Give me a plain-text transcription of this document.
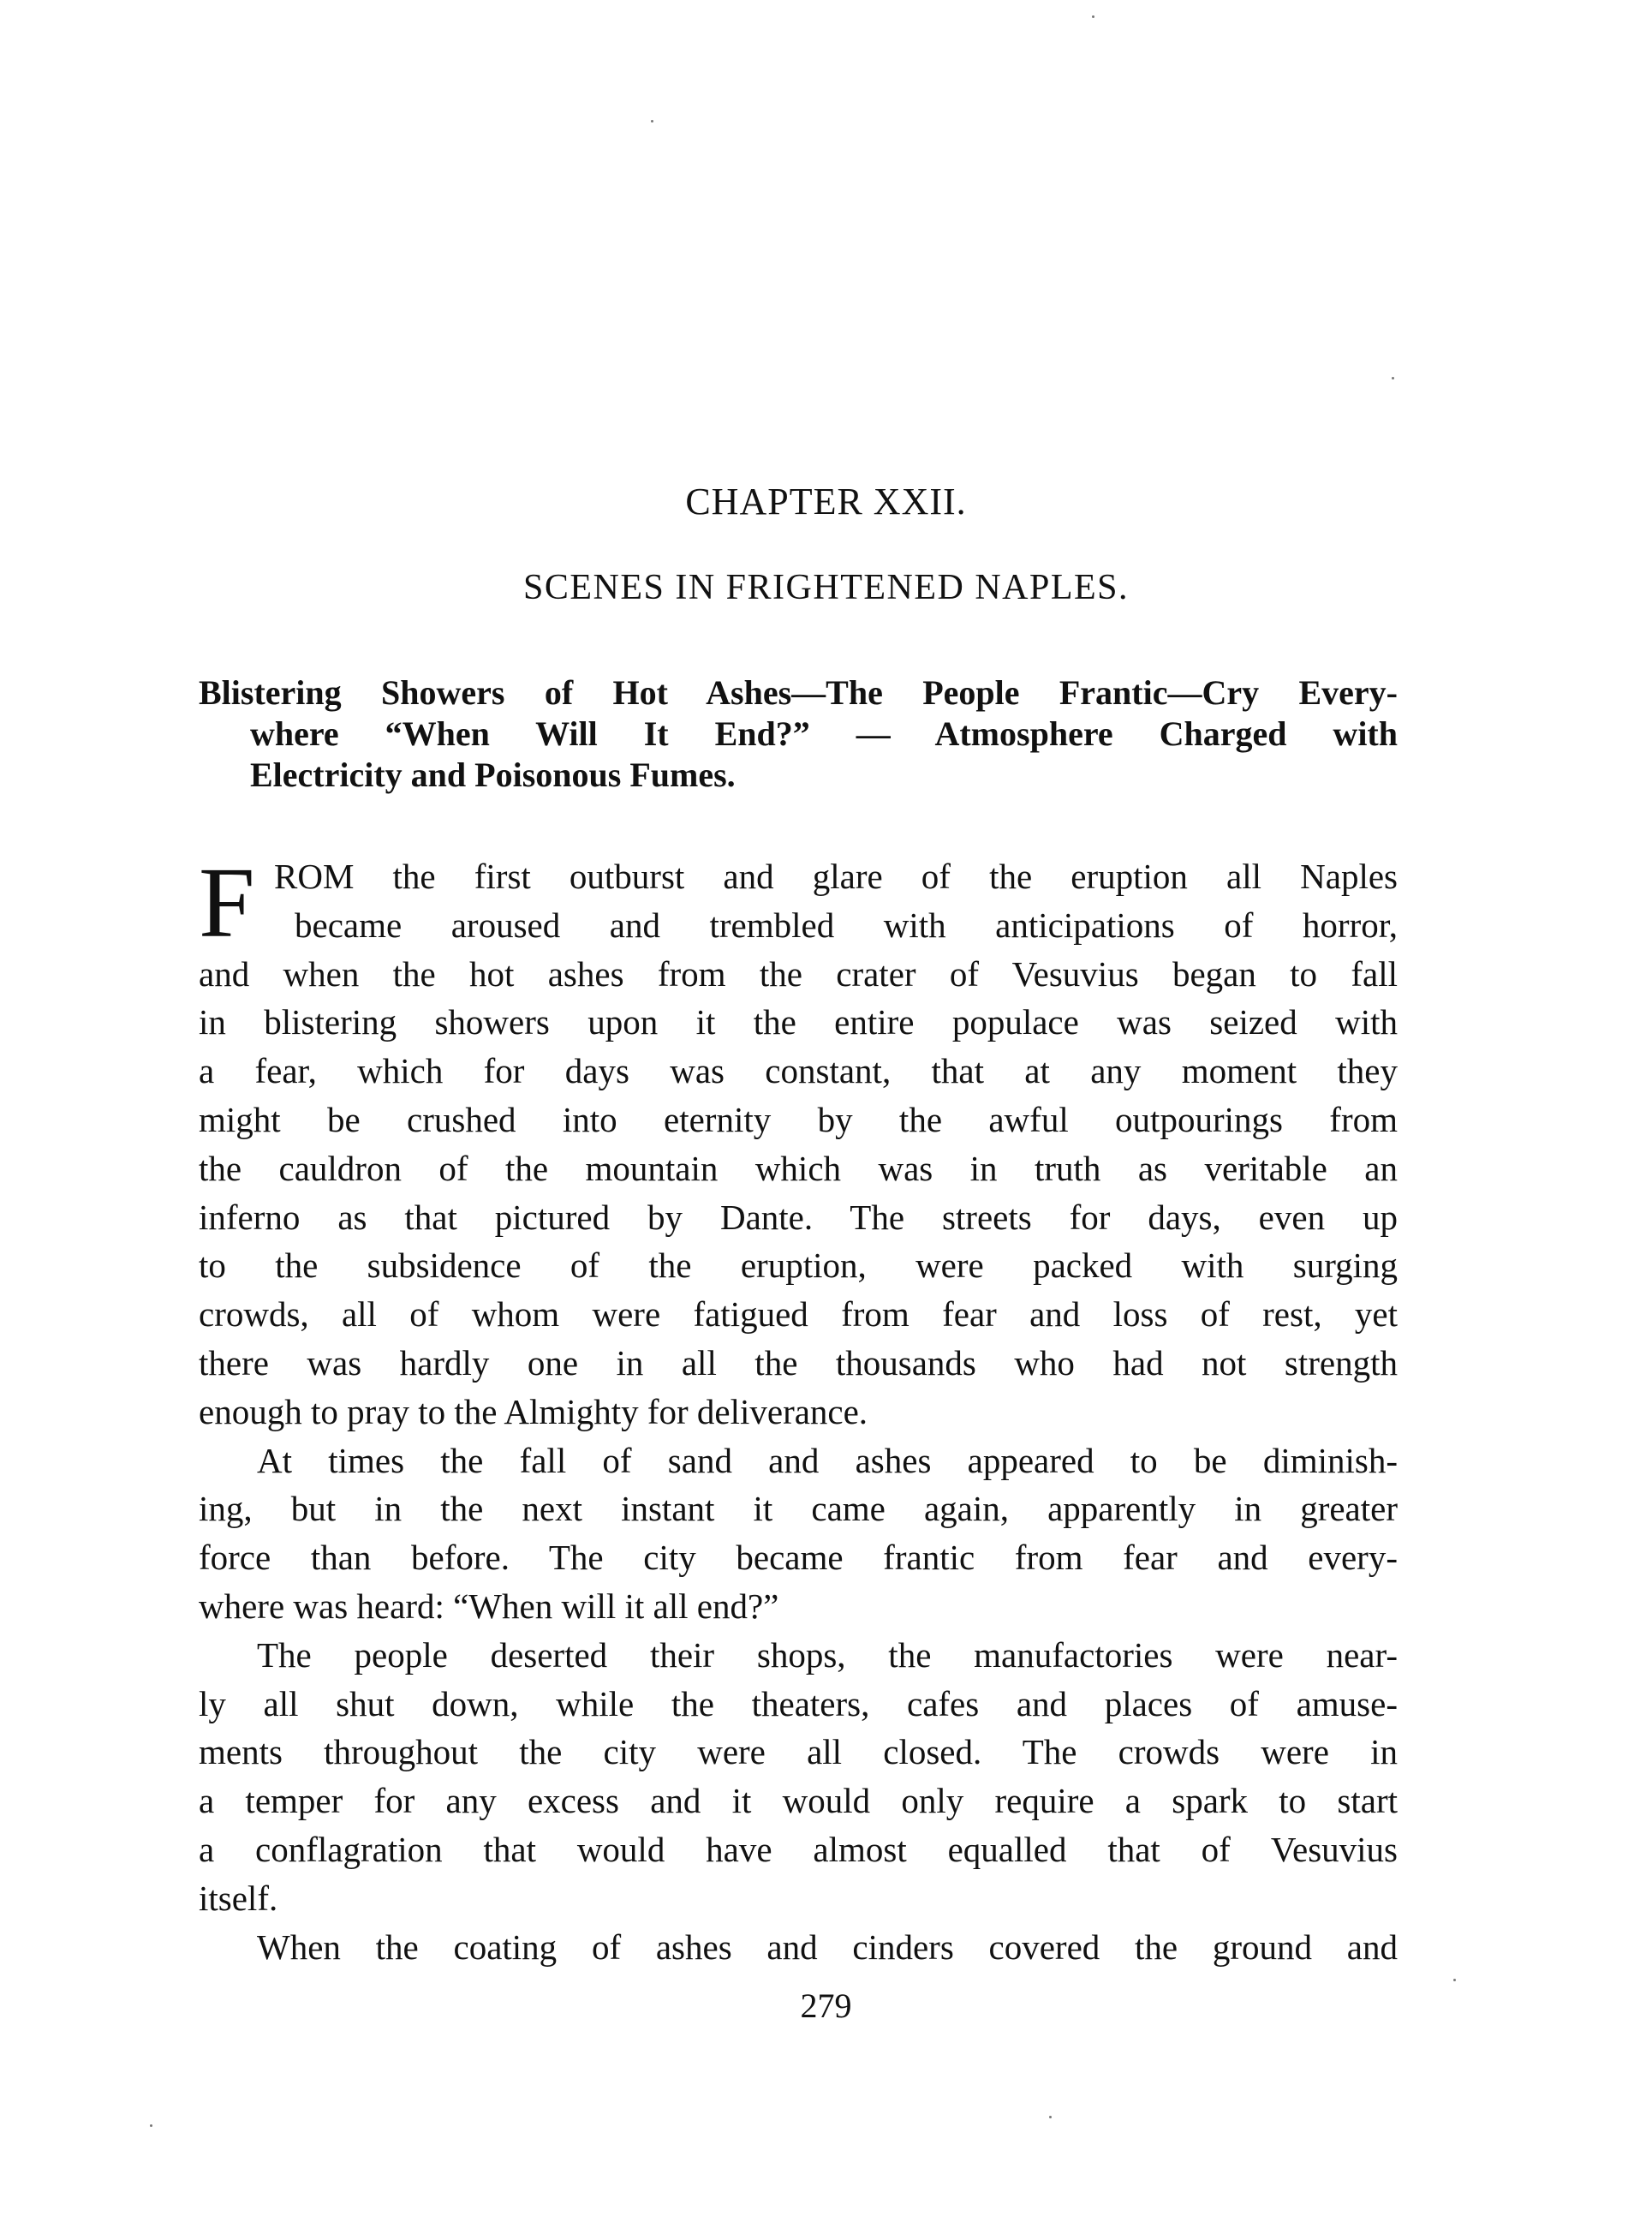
CHAPTER XXII.
SCENES IN FRIGHTENED NAPLES.
Blistering Showers of Hot Ashes—The People Frantic—Cry Every-
where “When Will It End?” — Atmosphere Charged with
Electricity and Poisonous Fumes.
F ROM the first outburst and glare of the eruption all Naples
became aroused and trembled with anticipations of horror,
and when the hot ashes from the crater of Vesuvius began to fall
in blistering showers upon it the entire populace was seized with
a fear, which for days was constant, that at any moment they
might be crushed into eternity by the awful outpourings from
the cauldron of the mountain which was in truth as veritable an
inferno as that pictured by Dante. The streets for days, even up
to the subsidence of the eruption, were packed with surging
crowds, all of whom were fatigued from fear and loss of rest, yet
there was hardly one in all the thousands who had not strength
enough to pray to the Almighty for deliverance.
At times the fall of sand and ashes appeared to be diminish-
ing, but in the next instant it came again, apparently in greater
force than before. The city became frantic from fear and every-
where was heard: “When will it all end?”
The people deserted their shops, the manufactories were near-
ly all shut down, while the theaters, cafes and places of amuse-
ments throughout the city were all closed. The crowds were in
a temper for any excess and it would only require a spark to start
a conflagration that would have almost equalled that of Vesuvius
itself.
When the coating of ashes and cinders covered the ground and
279
